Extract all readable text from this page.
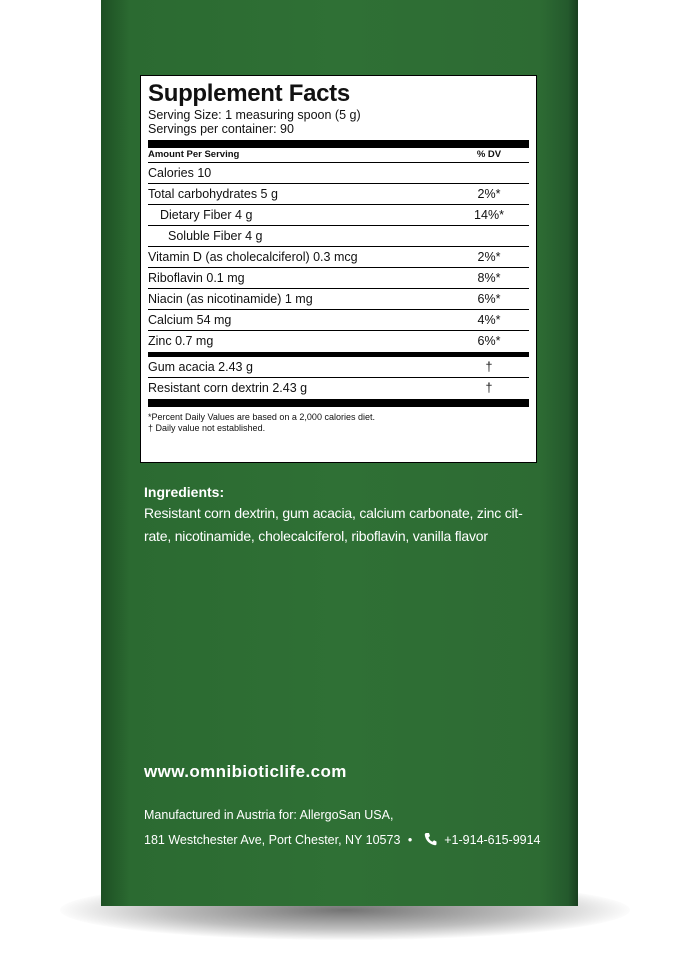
Supplement Facts
Serving Size: 1 measuring spoon (5 g)
Servings per container: 90
Amount Per Serving	% DV
Calories 10
Total carbohydrates 5 g	2%*
Dietary Fiber 4 g	14%*
Soluble Fiber 4 g
Vitamin D (as cholecalciferol) 0.3 mcg	2%*
Riboflavin 0.1 mg	8%*
Niacin (as nicotinamide) 1 mg	6%*
Calcium 54 mg	4%*
Zinc 0.7 mg	6%*
Gum acacia 2.43 g	†
Resistant corn dextrin 2.43 g	†
*Percent Daily Values are based on a 2,000 calories diet.
† Daily value not established.
Ingredients:
Resistant corn dextrin, gum acacia, calcium carbonate, zinc cit-
rate, nicotinamide, cholecalciferol, riboflavin, vanilla flavor
www.omnibioticlife.com
Manufactured in Austria for: AllergoSan USA,
181 Westchester Ave, Port Chester, NY 10573 •	+1-914-615-9914
